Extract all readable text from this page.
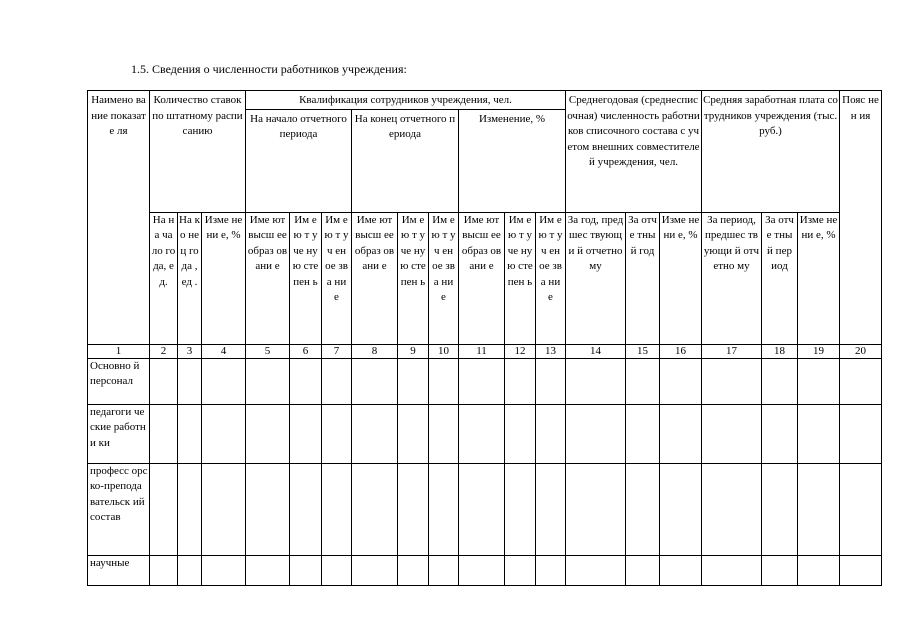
1.5. Сведения о численности работников учреждения:
Наимено вание показате ля	Количество ставок по штатному расписанию			Квалификация сотрудников учреждения, чел.									Среднегодовая (среднесписочная) численность работников списочного состава с учетом внешних совместителей учреждения, чел.			Средняя заработная плата сотрудников учреждения (тыс. руб.)			Пояс нен ия
				На начало отчетного периода			На конец отчетного периода			Изменение, %									
	На на ча ло го да, ед.	На ко не ц го да , ед .	Изме нени е, %	Име ют высш ее образ овани е	Им ею т уче ну ю сте пен ь	Им ею т уч ен ое зва ни е	Име ют высш ее образ овани е	Им ею т уче ну ю сте пен ь	Им ею т уч ен ое зва ни е	Име ют высш ее образ овани е	Им ею т уче ну ю сте пен ь	Им ею т уч ен ое зва ни е	За год, предшес твующи й отчетно му	За отче тны й год	Изме нени е, %	За период, предшес твующи й отчетно му	За отче тны й пер иод	Изме нени е, %	
1	2	3	4	5	6	7	8	9	10	11	12	13	14	15	16	17	18	19	20
Основно й персонал																			
педагоги ческие работни ки																			
професс орско-препода вательск ий состав																			
научные																			
